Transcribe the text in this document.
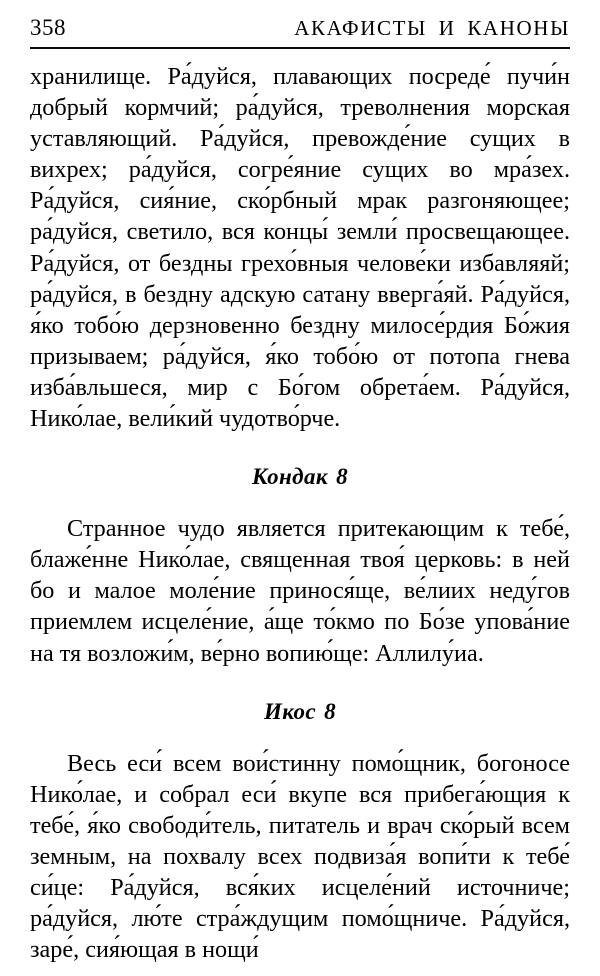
358	АКАФИСТЫ И КАНОНЫ

хранилище. Ра́дуйся, плавающих посреде́ пучи́н добрый кормчий; ра́дуйся, треволнения морская уставляющий. Ра́дуйся, превожде́ние сущих в вихрех; ра́дуйся, согре́яние сущих во мра́зех. Ра́дуйся, сия́ние, ско́рбный мрак разгоняющее; ра́дуйся, светило, вся концы́ земли́ просвещающее. Ра́дуйся, от бездны грехо́вныя челове́ки избавляяй; ра́дуйся, в бездну адскую сатану вверга́яй. Ра́дуйся, я́ко тобо́ю дерзновенно бездну милосе́рдия Бо́жия призываем; ра́дуйся, я́ко тобо́ю от потопа гнева изба́вльшеся, мир с Бо́гом обрета́ем. Ра́дуйся, Нико́лае, вели́кий чудотво́рче.

Кондак 8

Странное чудо является притекающим к тебе́, блаже́нне Нико́лае, священная твоя́ церковь: в ней бо и малое моле́ние принося́ще, ве́лиих неду́гов приемлем исцеле́ние, а́ще то́кмо по Бо́зе упова́ние на тя возложи́м, ве́рно вопию́ще: Аллилу́иа.

Икос 8

Весь еси́ всем вои́стинну помо́щник, богоносе Нико́лае, и собрал еси́ вкупе вся прибега́ющия к тебе́, я́ко свободи́тель, питатель и врач ско́рый всем земным, на похвалу всех подвиза́я вопи́ти к тебе́ си́це: Ра́дуйся, вся́ких исцеле́ний источниче; ра́дуйся, лю́те стра́ждущим помо́щниче. Ра́дуйся, заре́, сия́ющая в нощи́
